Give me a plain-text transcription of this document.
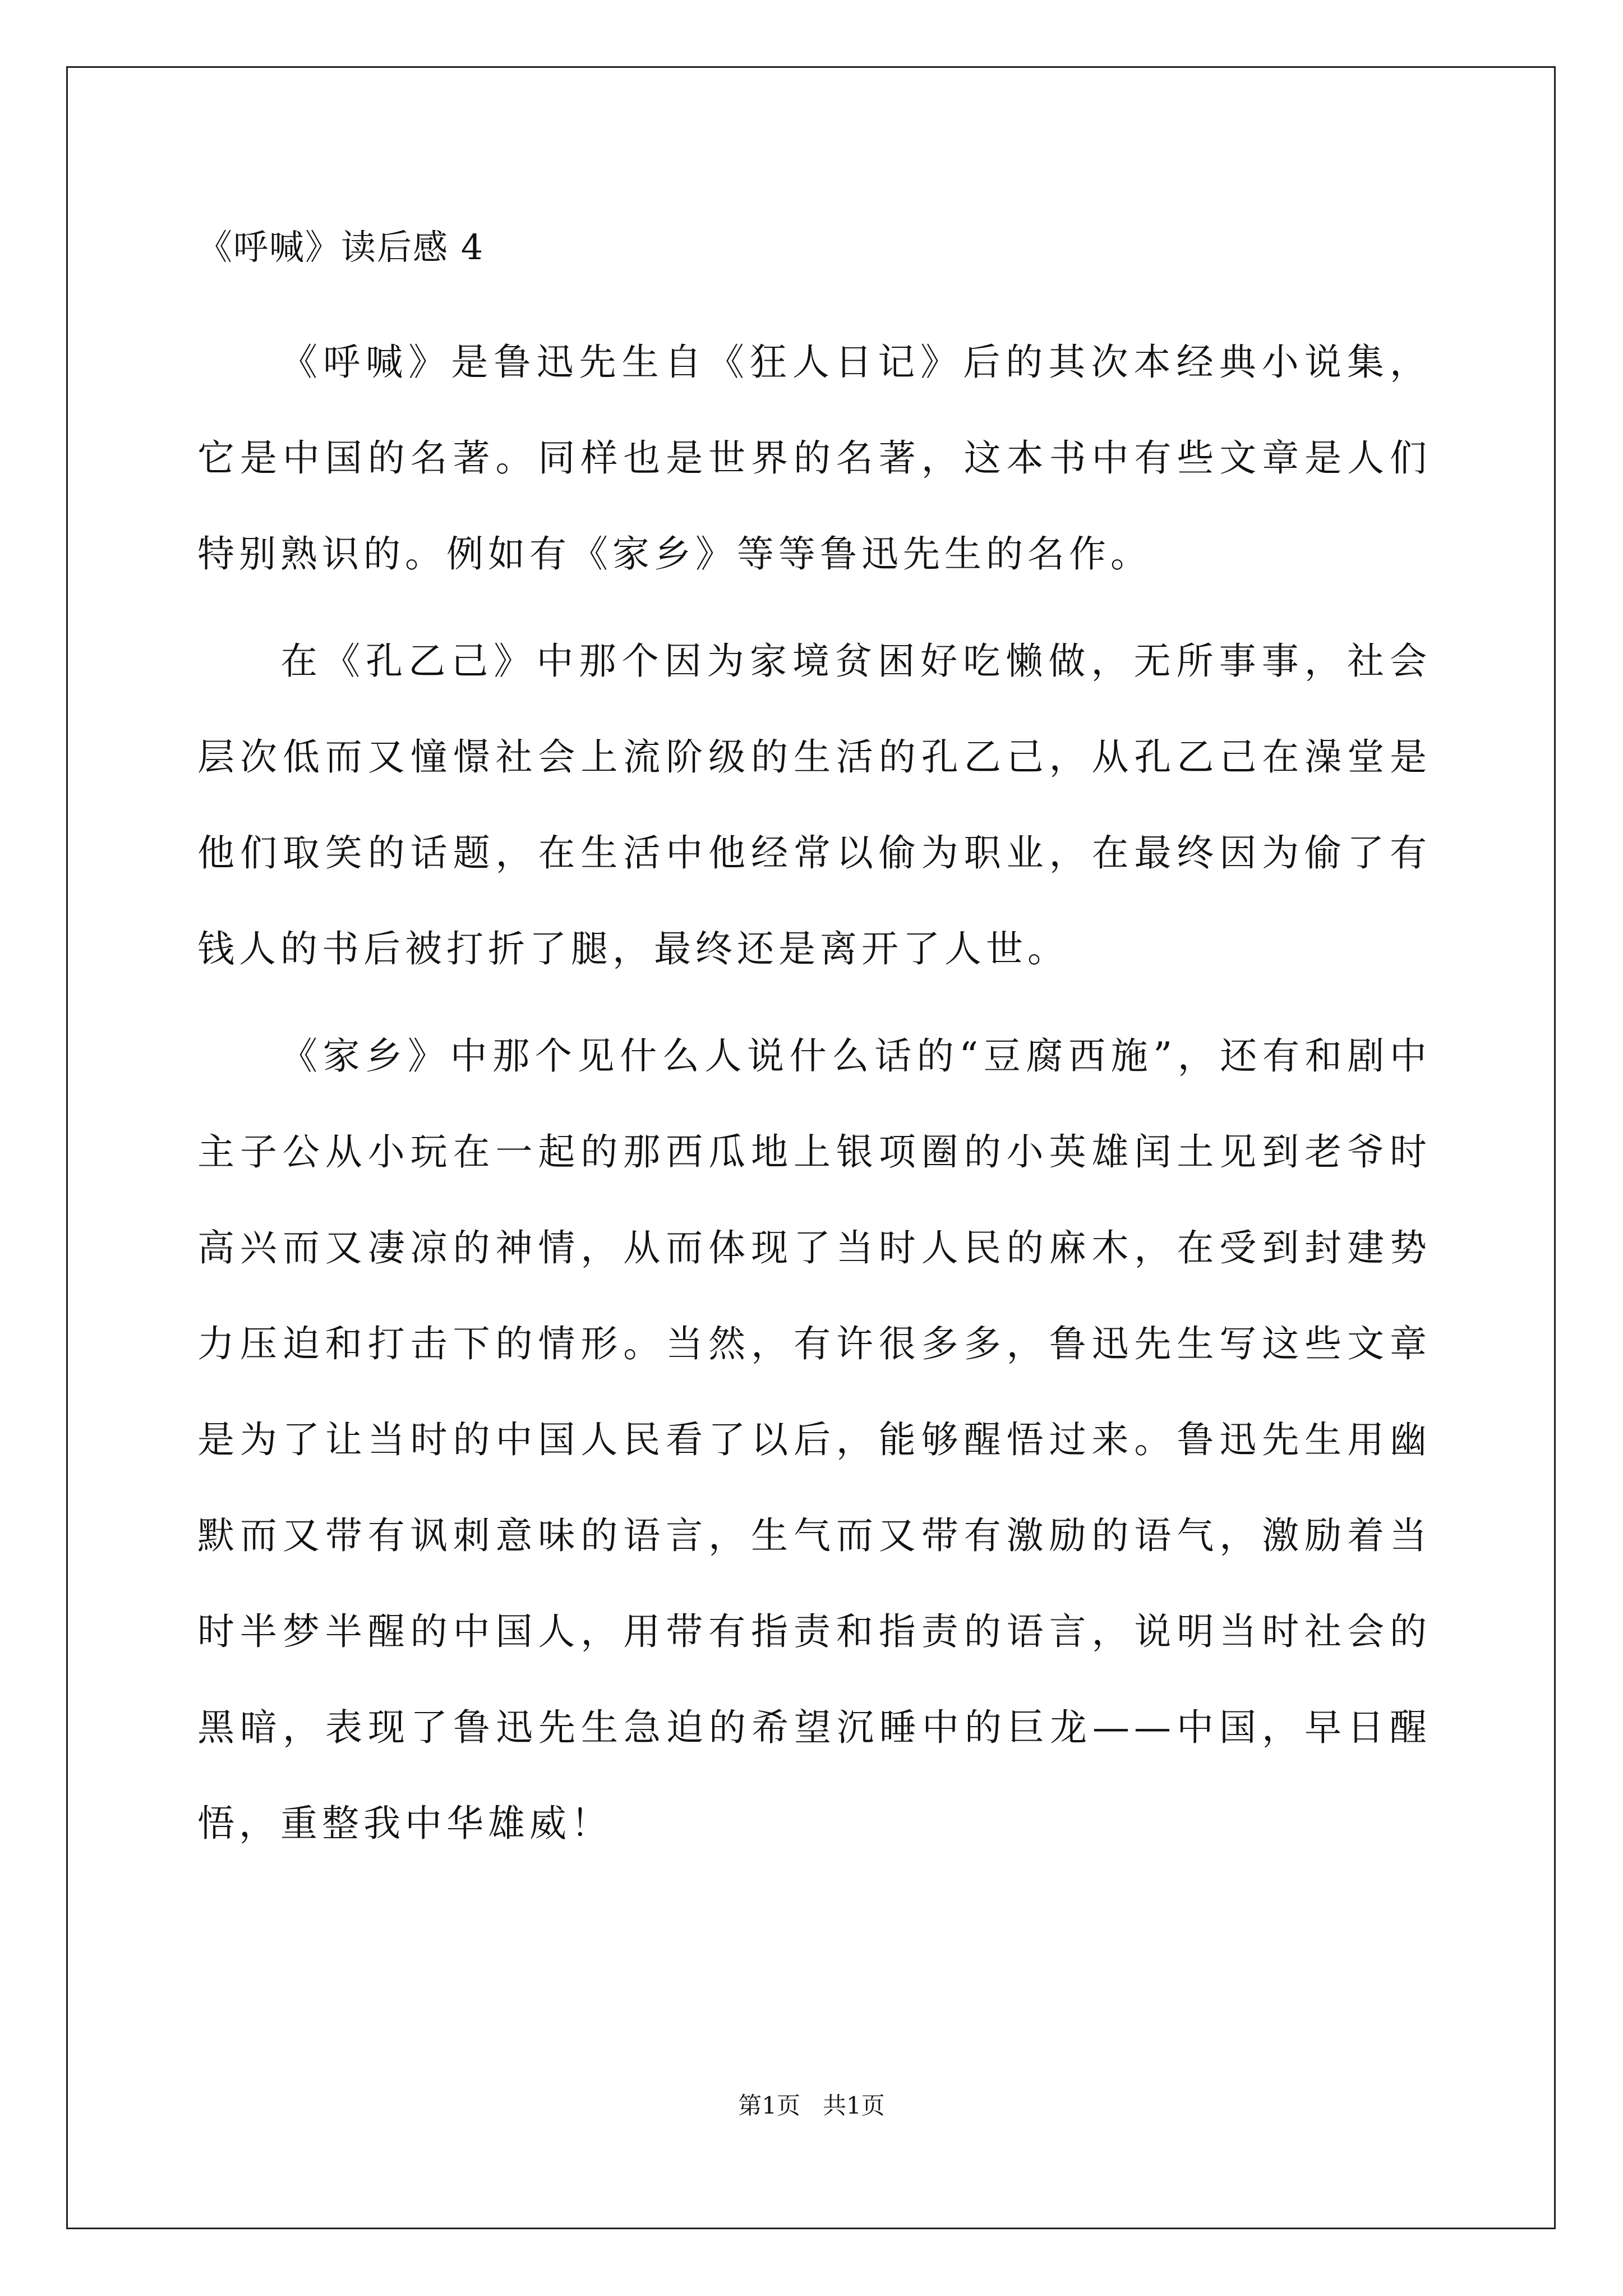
《呼喊》读后感 4

《呼喊》是鲁迅先生自《狂人日记》后的其次本经典小说集，它是中国的名著。同样也是世界的名著，这本书中有些文章是人们特别熟识的。例如有《家乡》等等鲁迅先生的名作。

在《孔乙己》中那个因为家境贫困好吃懒做，无所事事，社会层次低而又憧憬社会上流阶级的生活的孔乙己，从孔乙己在澡堂是他们取笑的话题，在生活中他经常以偷为职业，在最终因为偷了有钱人的书后被打折了腿，最终还是离开了人世。

《家乡》中那个见什么人说什么话的“豆腐西施”，还有和剧中主子公从小玩在一起的那西瓜地上银项圈的小英雄闰土见到老爷时高兴而又凄凉的神情，从而体现了当时人民的麻木，在受到封建势力压迫和打击下的情形。当然，有许很多多，鲁迅先生写这些文章是为了让当时的中国人民看了以后，能够醒悟过来。鲁迅先生用幽默而又带有讽刺意味的语言，生气而又带有激励的语气，激励着当时半梦半醒的中国人，用带有指责和指责的语言，说明当时社会的黑暗，表现了鲁迅先生急迫的希望沉睡中的巨龙——中国，早日醒悟，重整我中华雄威！

第1页   共1页
